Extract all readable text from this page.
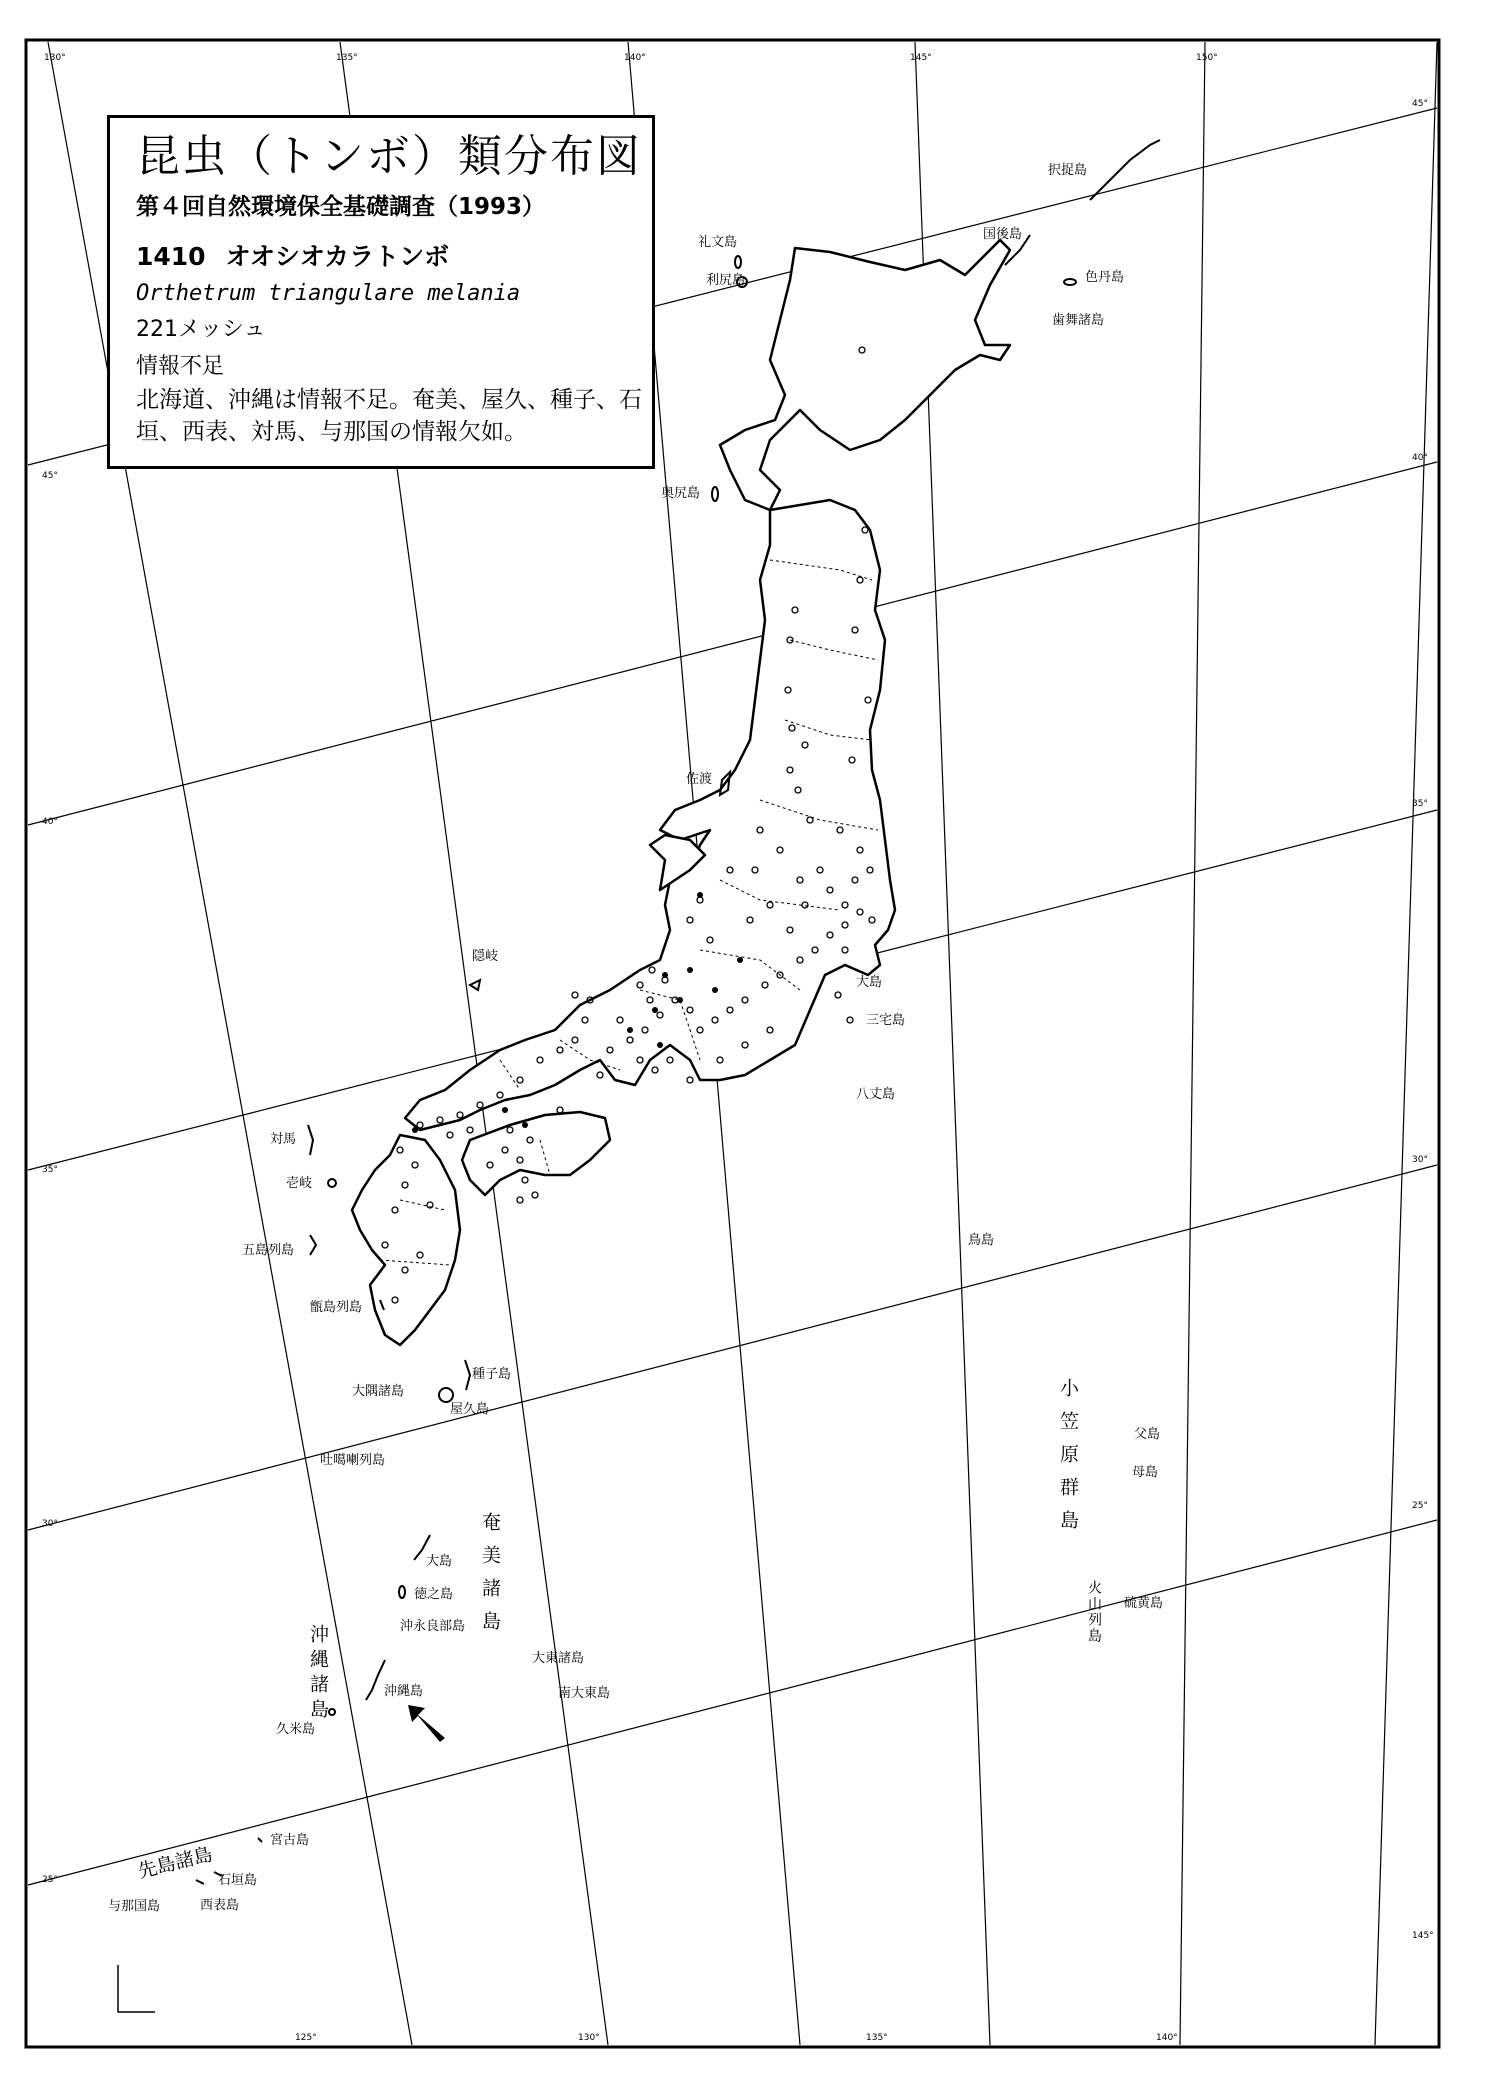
130°	135°	140°	145°	150°
45°
40°
35°
30°
25°
145°
45°
40°
35°
30°
25°
125°	130°	135°	140°
択捉島
国後島
礼文島
利尻島	色丹島
歯舞諸島
奥尻島
佐渡
隠岐
大島
三宅島
八丈島
対馬
壱岐
五島列島
甑島列島
鳥島
種子島
大隅諸島
屋久島
吐噶喇列島
大島
徳之島
沖永良部島
沖縄島
久米島
大東諸島
南大東島
父島
母島
硫黄島
宮古島
石垣島
与那国島	西表島
小笠原群島
奄美諸島
沖縄諸島
火山列島
先島諸島
昆虫（トンボ）類分布図
第４回自然環境保全基礎調査（1993）
1410 オオシオカラトンボ
Orthetrum triangulare melania
221メッシュ
情報不足
北海道、沖縄は情報不足。奄美、屋久、種子、石垣、西表、対馬、与那国の情報欠如。
